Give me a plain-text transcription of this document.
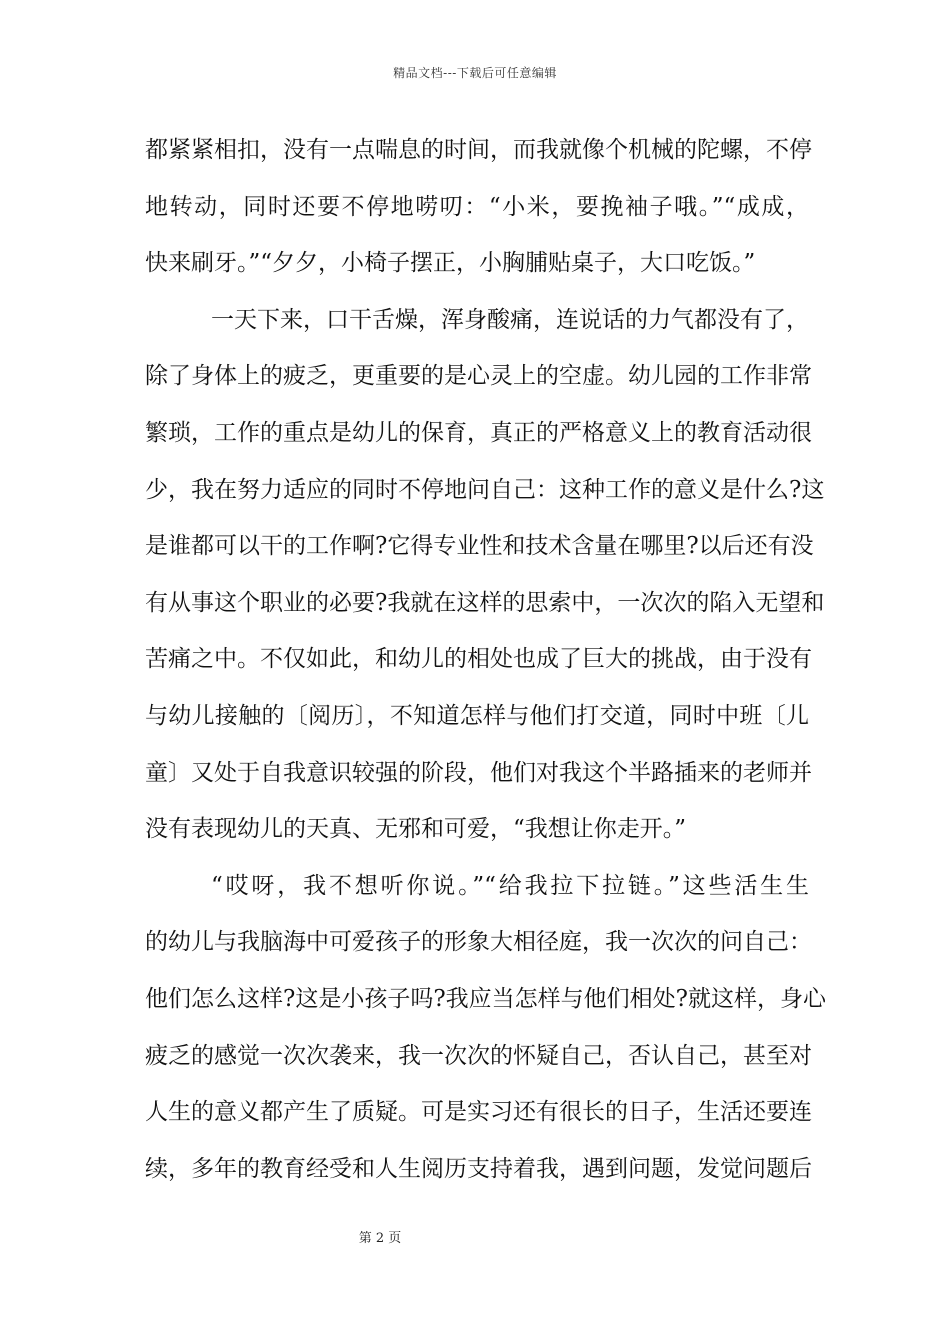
精品文档---下载后可任意编辑
都紧紧相扣，没有一点喘息的时间，而我就像个机械的陀螺，不停
地转动，同时还要不停地唠叨：“小米，要挽袖子哦。”“成成，
快来刷牙。”“夕夕，小椅子摆正，小胸脯贴桌子，大口吃饭。”
一天下来，口干舌燥，浑身酸痛，连说话的力气都没有了，
除了身体上的疲乏，更重要的是心灵上的空虚。幼儿园的工作非常
繁琐，工作的重点是幼儿的保育，真正的严格意义上的教育活动很
少，我在努力适应的同时不停地问自己：这种工作的意义是什么?这
是谁都可以干的工作啊?它得专业性和技术含量在哪里?以后还有没
有从事这个职业的必要?我就在这样的思索中，一次次的陷入无望和
苦痛之中。不仅如此，和幼儿的相处也成了巨大的挑战，由于没有
与幼儿接触的〔阅历〕，不知道怎样与他们打交道，同时中班〔儿
童〕又处于自我意识较强的阶段，他们对我这个半路插来的老师并
没有表现幼儿的天真、无邪和可爱，“我想让你走开。”
“哎呀，我不想听你说。”“给我拉下拉链。”这些活生生
的幼儿与我脑海中可爱孩子的形象大相径庭，我一次次的问自己：
他们怎么这样?这是小孩子吗?我应当怎样与他们相处?就这样，身心
疲乏的感觉一次次袭来，我一次次的怀疑自己，否认自己，甚至对
人生的意义都产生了质疑。可是实习还有很长的日子，生活还要连
续，多年的教育经受和人生阅历支持着我，遇到问题，发觉问题后
第 2 页
